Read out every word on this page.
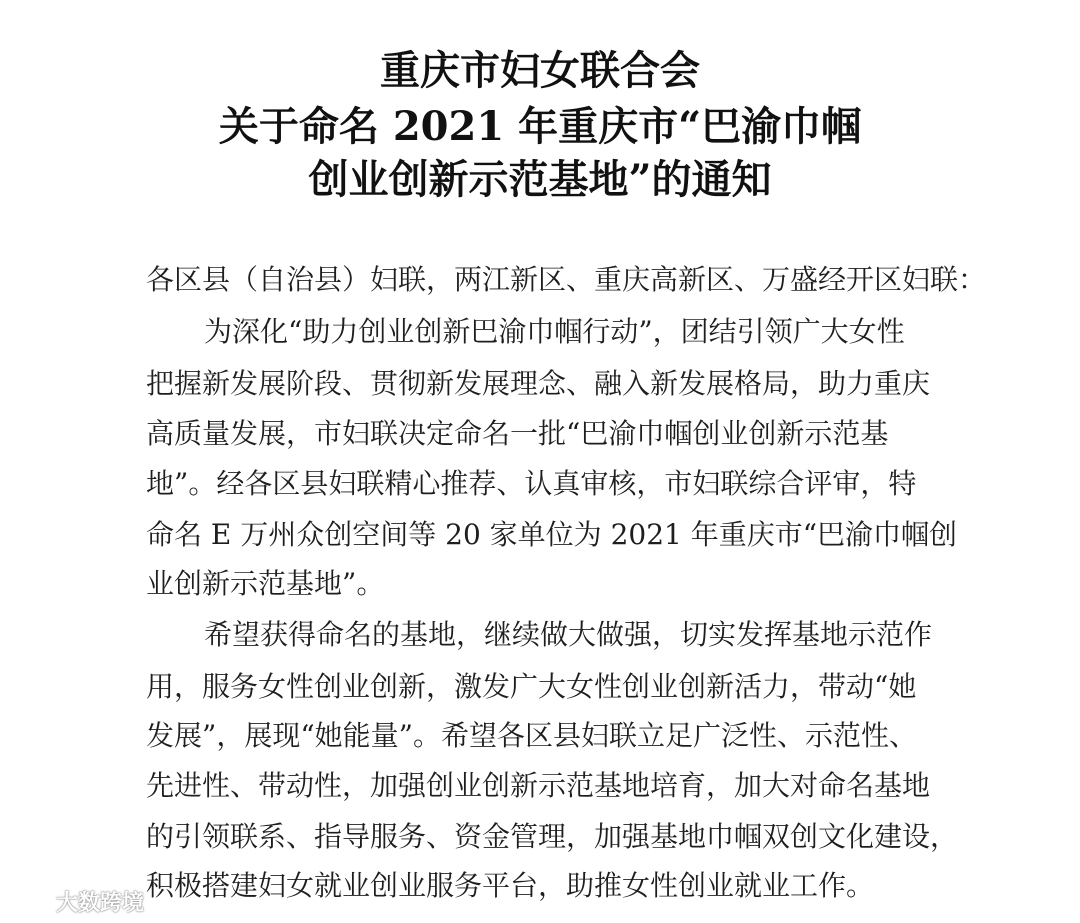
重庆市妇女联合会
关于命名 2021 年重庆市“巴渝巾帼
创业创新示范基地”的通知
各区县（自治县）妇联，两江新区、重庆高新区、万盛经开区妇联：
为深化“助力创业创新巴渝巾帼行动”，团结引领广大女性
把握新发展阶段、贯彻新发展理念、融入新发展格局，助力重庆
高质量发展，市妇联决定命名一批“巴渝巾帼创业创新示范基
地”。经各区县妇联精心推荐、认真审核，市妇联综合评审，特
命名 E 万州众创空间等 20 家单位为 2021 年重庆市“巴渝巾帼创
业创新示范基地”。
希望获得命名的基地，继续做大做强，切实发挥基地示范作
用，服务女性创业创新，激发广大女性创业创新活力，带动“她
发展”，展现“她能量”。希望各区县妇联立足广泛性、示范性、
先进性、带动性，加强创业创新示范基地培育，加大对命名基地
的引领联系、指导服务、资金管理，加强基地巾帼双创文化建设，
积极搭建妇女就业创业服务平台，助推女性创业就业工作。
大数跨境
